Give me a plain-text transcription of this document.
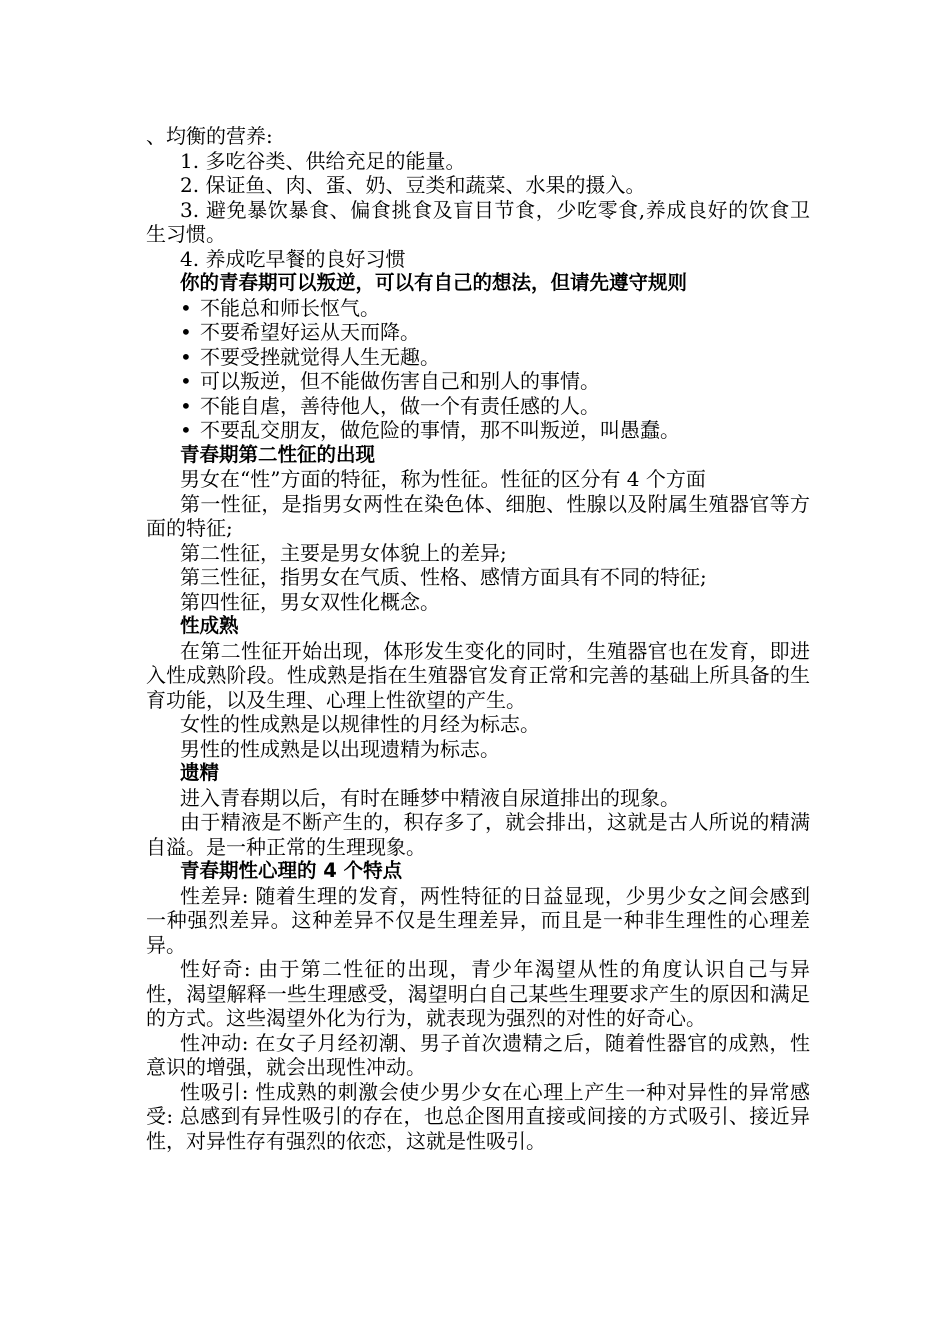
、均衡的营养:

1. 多吃谷类、供给充足的能量。

2. 保证鱼、肉、蛋、奶、豆类和蔬菜、水果的摄入。

3. 避免暴饮暴食、偏食挑食及盲目节食，少吃零食,养成良好的饮食卫生习惯。

4. 养成吃早餐的良好习惯

你的青春期可以叛逆，可以有自己的想法，但请先遵守规则

• 不能总和师长怄气。

• 不要希望好运从天而降。

• 不要受挫就觉得人生无趣。

• 可以叛逆，但不能做伤害自己和别人的事情。

• 不能自虐，善待他人，做一个有责任感的人。

• 不要乱交朋友，做危险的事情，那不叫叛逆，叫愚蠢。

青春期第二性征的出现

男女在“性”方面的特征，称为性征。性征的区分有 4 个方面

第一性征，是指男女两性在染色体、细胞、性腺以及附属生殖器官等方面的特征;

第二性征，主要是男女体貌上的差异;

第三性征，指男女在气质、性格、感情方面具有不同的特征;

第四性征，男女双性化概念。

性成熟

在第二性征开始出现，体形发生变化的同时，生殖器官也在发育，即进入性成熟阶段。性成熟是指在生殖器官发育正常和完善的基础上所具备的生育功能，以及生理、心理上性欲望的产生。

女性的性成熟是以规律性的月经为标志。

男性的性成熟是以出现遗精为标志。

遗精

进入青春期以后，有时在睡梦中精液自尿道排出的现象。

由于精液是不断产生的，积存多了，就会排出，这就是古人所说的精满自溢。是一种正常的生理现象。

青春期性心理的 4 个特点

性差异: 随着生理的发育，两性特征的日益显现，少男少女之间会感到一种强烈差异。这种差异不仅是生理差异，而且是一种非生理性的心理差异。

性好奇: 由于第二性征的出现，青少年渴望从性的角度认识自己与异性，渴望解释一些生理感受，渴望明白自己某些生理要求产生的原因和满足的方式。这些渴望外化为行为，就表现为强烈的对性的好奇心。

性冲动: 在女子月经初潮、男子首次遗精之后，随着性器官的成熟，性意识的增强，就会出现性冲动。

性吸引: 性成熟的刺激会使少男少女在心理上产生一种对异性的异常感受: 总感到有异性吸引的存在，也总企图用直接或间接的方式吸引、接近异性，对异性存有强烈的依恋，这就是性吸引。
